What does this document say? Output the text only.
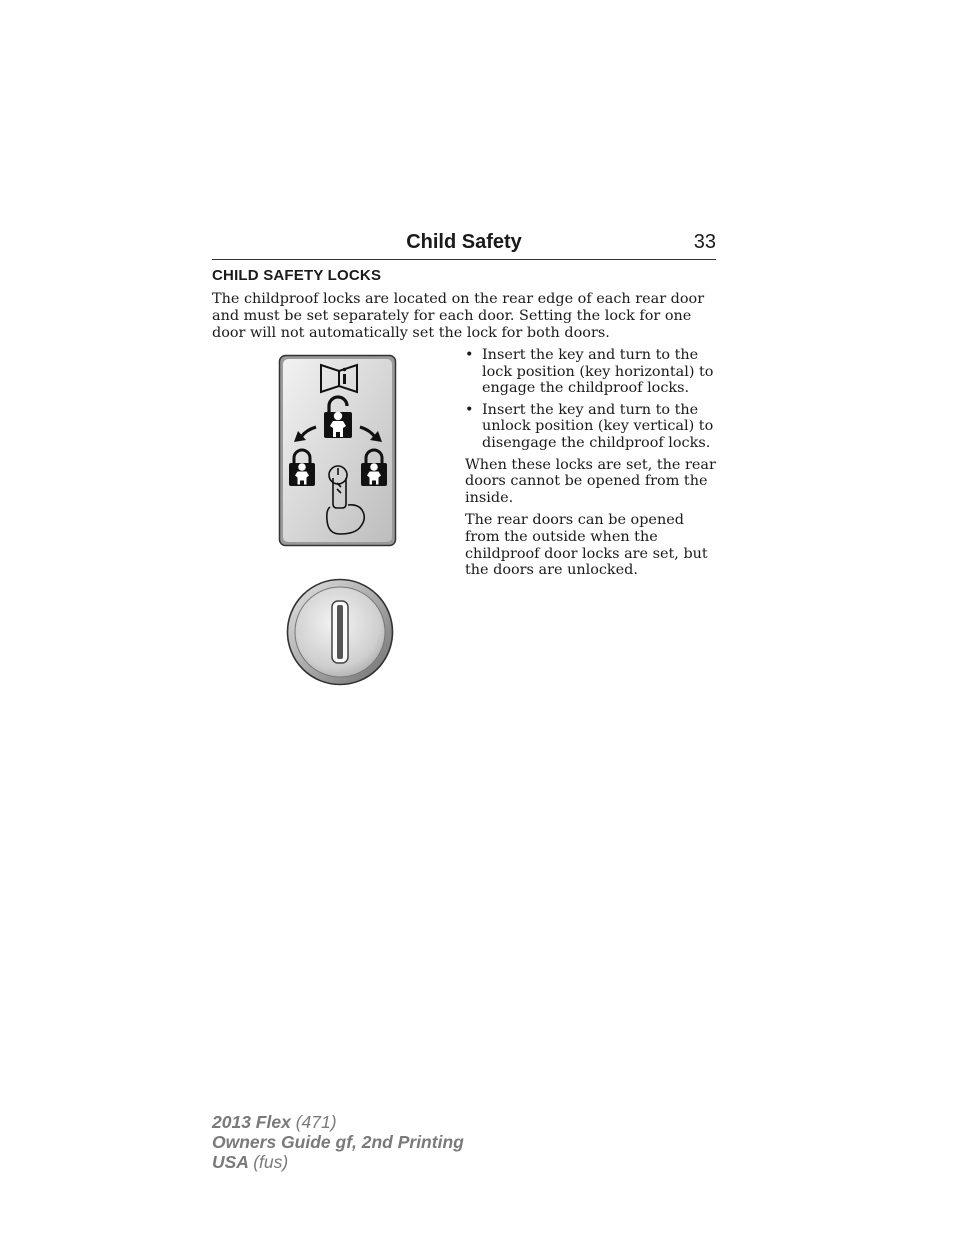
Child Safety	33
CHILD SAFETY LOCKS

The childproof locks are located on the rear edge of each rear door and must be set separately for each door. Setting the lock for one door will not automatically set the lock for both doors.

• Insert the key and turn to the lock position (key horizontal) to engage the childproof locks.
• Insert the key and turn to the unlock position (key vertical) to disengage the childproof locks.

When these locks are set, the rear doors cannot be opened from the inside.

The rear doors can be opened from the outside when the childproof door locks are set, but the doors are unlocked.

2013 Flex (471)
Owners Guide gf, 2nd Printing
USA (fus)
